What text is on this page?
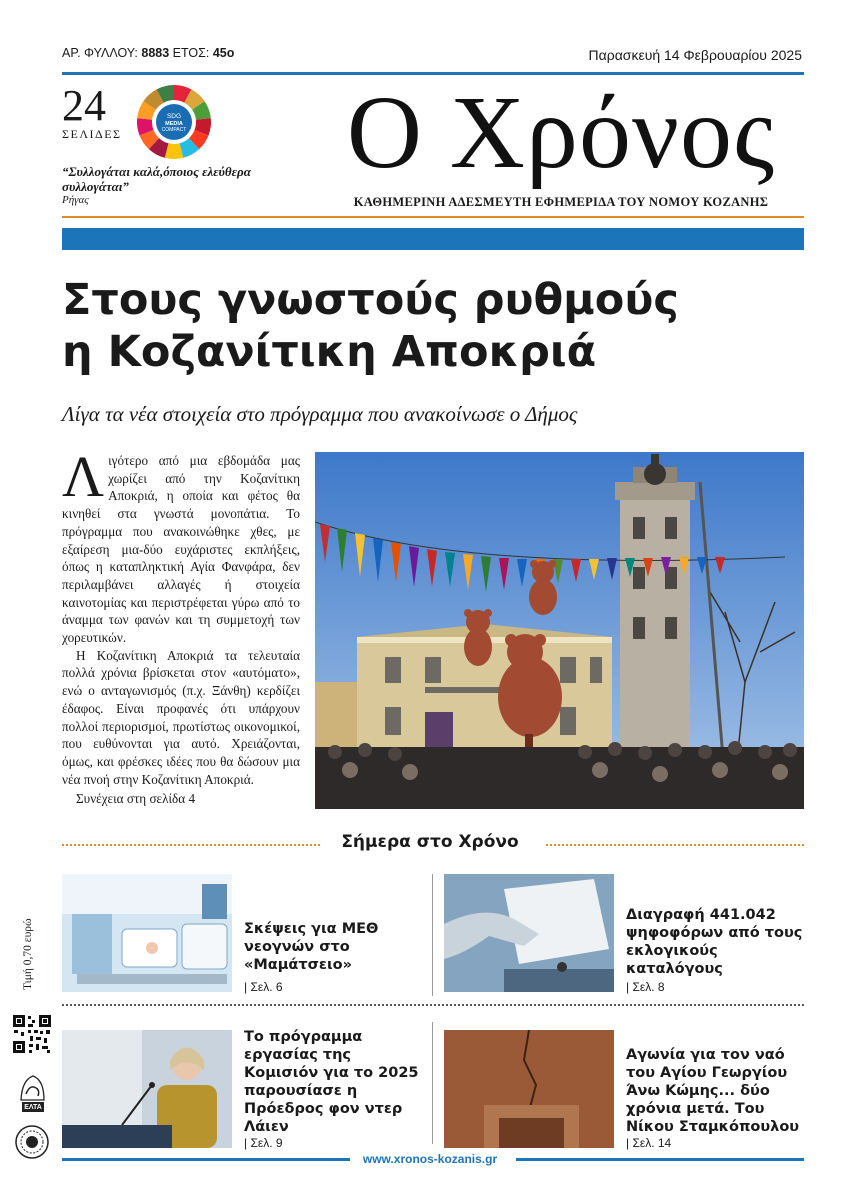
ΑΡ. ΦΥΛΛΟΥ: 8883 ΕΤΟΣ: 45ο	Παρασκευή 14 Φεβρουαρίου 2025
24
ΣΕΛΙΔΕΣ
SDG
MEDIA
COMPACT
“Συλλογάται καλά,όποιος ελεύθερα συλλογάται”
Ρήγας
Ο Χρόνος
ΚΑΘΗΜΕΡΙΝΗ ΑΔΕΣΜΕΥΤΗ ΕΦΗΜΕΡΙΔΑ ΤΟΥ ΝΟΜΟΥ ΚΟΖΑΝΗΣ
Στους γνωστούς ρυθμούς
η Κοζανίτικη Αποκριά
Λίγα τα νέα στοιχεία στο πρόγραμμα που ανακοίνωσε ο Δήμος

Λιγότερο από μια εβδομάδα μας χωρίζει από την Κοζανίτικη Αποκριά, η οποία και φέτος θα κινηθεί στα γνωστά μονοπάτια. Το πρόγραμμα που ανακοινώθηκε χθες, με εξαίρεση μια-δύο ευχάριστες εκπλήξεις, όπως η καταπληκτική Αγία Φανφάρα, δεν περιλαμβάνει αλλαγές ή στοιχεία καινοτομίας και περιστρέφεται γύρω από το άναμμα των φανών και τη συμμετοχή των χορευτικών.

Η Κοζανίτικη Αποκριά τα τελευταία πολλά χρόνια βρίσκεται στον «αυτόματο», ενώ ο ανταγωνισμός (π.χ. Ξάνθη) κερδίζει έδαφος. Είναι προφανές ότι υπάρχουν πολλοί περιορισμοί, πρωτίστως οικονομικοί, που ευθύνονται για αυτό. Χρειάζονται, όμως, και φρέσκες ιδέες που θα δώσουν μια νέα πνοή στην Κοζανίτικη Αποκριά.

Συνέχεια στη σελίδα 4
Σήμερα στο Χρόνο
Σκέψεις για ΜΕΘ νεογνών στο «Μαμάτσειο»
| Σελ. 6
Διαγραφή 441.042 ψηφοφόρων από τους εκλογικούς καταλόγους
| Σελ. 8
Το πρόγραμμα εργασίας της Κομισιόν για το 2025 παρουσίασε η Πρόεδρος φον ντερ Λάιεν
| Σελ. 9
Αγωνία για τον ναό του Αγίου Γεωργίου Άνω Κώμης... δύο χρόνια μετά. Του Νίκου Σταμκόπουλου
| Σελ. 14
Τιμή 0,70 ευρώ
ΕΛΤΑ
www.xronos-kozanis.gr
